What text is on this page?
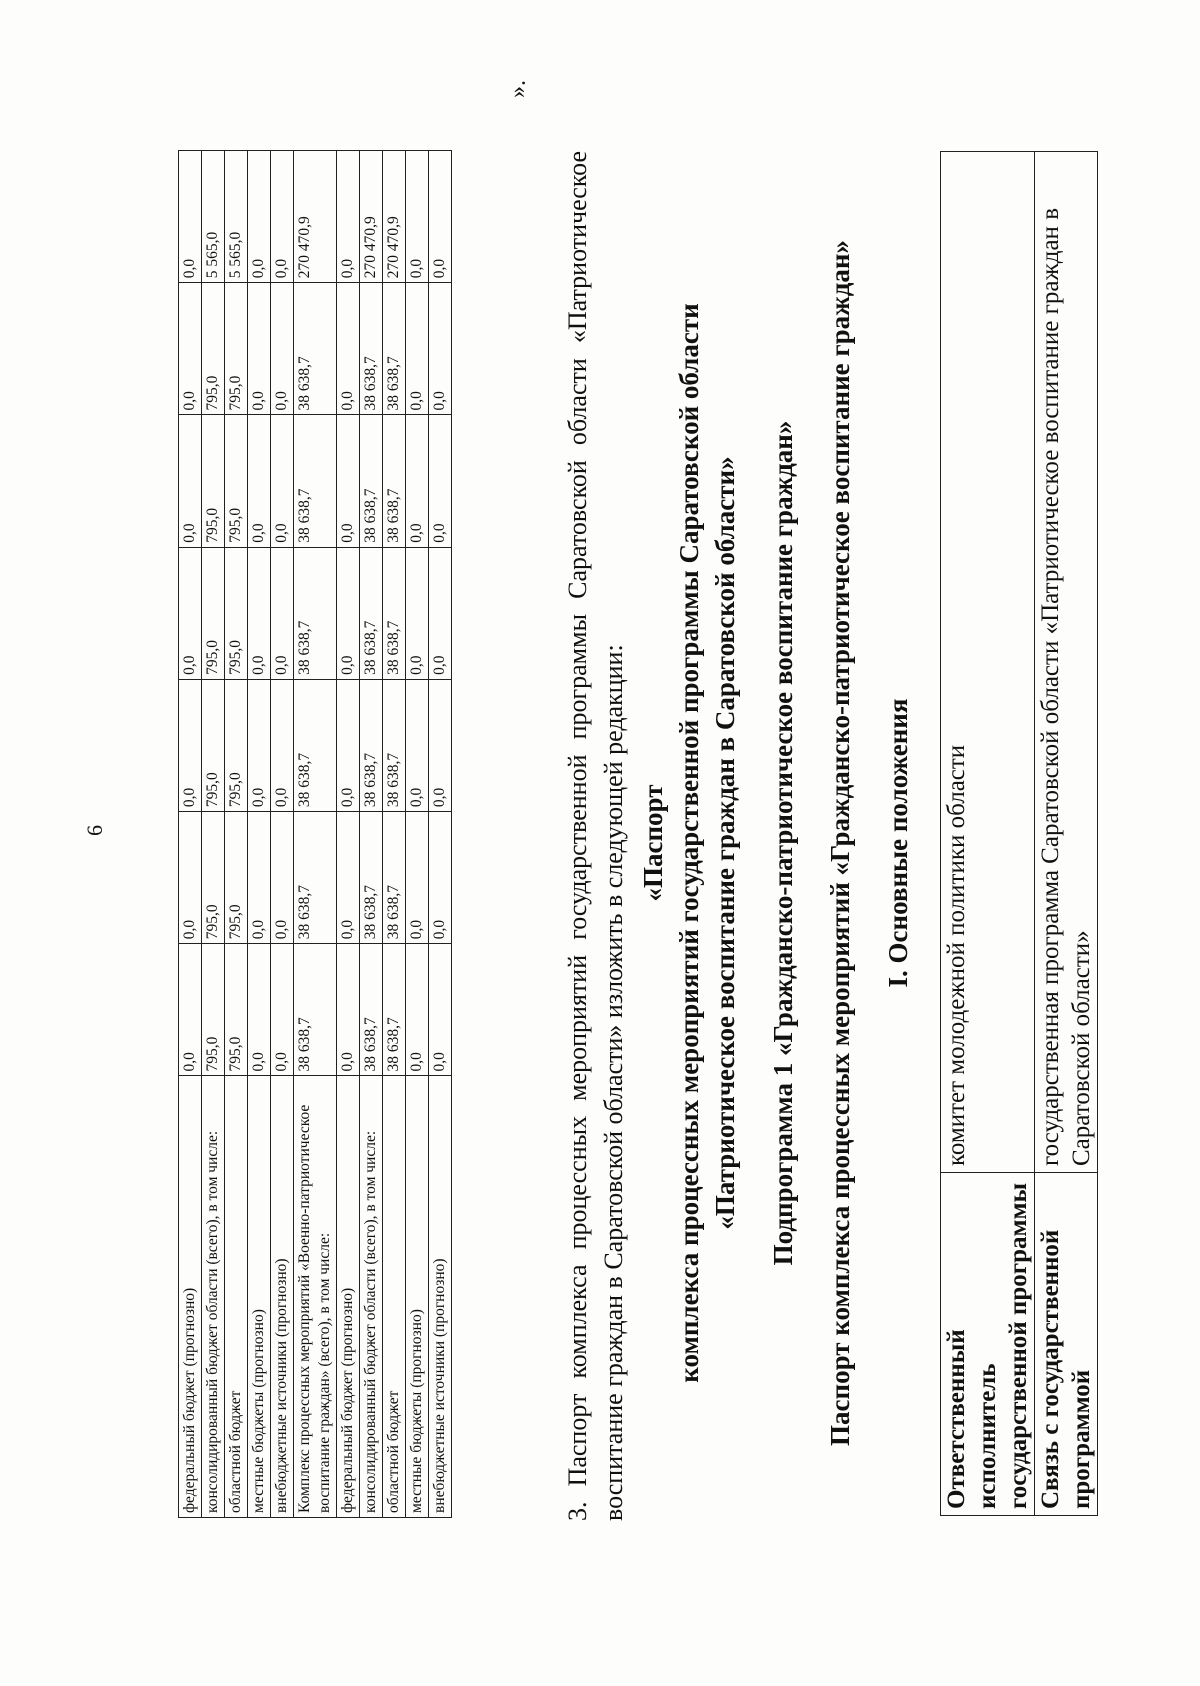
6
федеральный бюджет (прогнозно)	0,0	0,0	0,0	0,0	0,0	0,0	0,0
консолидированный бюджет области (всего), в том числе:	795,0	795,0	795,0	795,0	795,0	795,0	5 565,0
областной бюджет	795,0	795,0	795,0	795,0	795,0	795,0	5 565,0
местные бюджеты (прогнозно)	0,0	0,0	0,0	0,0	0,0	0,0	0,0
внебюджетные источники (прогнозно)	0,0	0,0	0,0	0,0	0,0	0,0	0,0
Комплекс процессных мероприятий «Военно-патриотическое воспитание граждан» (всего), в том числе:	38 638,7	38 638,7	38 638,7	38 638,7	38 638,7	38 638,7	270 470,9
федеральный бюджет (прогнозно)	0,0	0,0	0,0	0,0	0,0	0,0	0,0
консолидированный бюджет области (всего), в том числе:	38 638,7	38 638,7	38 638,7	38 638,7	38 638,7	38 638,7	270 470,9
областной бюджет	38 638,7	38 638,7	38 638,7	38 638,7	38 638,7	38 638,7	270 470,9
местные бюджеты (прогнозно)	0,0	0,0	0,0	0,0	0,0	0,0	0,0
внебюджетные источники (прогнозно)	0,0	0,0	0,0	0,0	0,0	0,0	0,0
».
3. Паспорт комплекса процессных мероприятий государственной программы Саратовской области «Патриотическое воспитание граждан в Саратовской области» изложить в следующей редакции: «Паспорт комплекса процессных мероприятий государственной программы Саратовской области «Патриотическое воспитание граждан в Саратовской области» Подпрограмма 1 «Гражданско-патриотическое воспитание граждан» Паспорт комплекса процессных мероприятий «Гражданско-патриотическое воспитание граждан» I. Основные положения
Ответственный исполнитель государственной программы	комитет молодежной политики области
Связь с государственной программой	государственная программа Саратовской области «Патриотическое воспитание граждан в Саратовской области»
